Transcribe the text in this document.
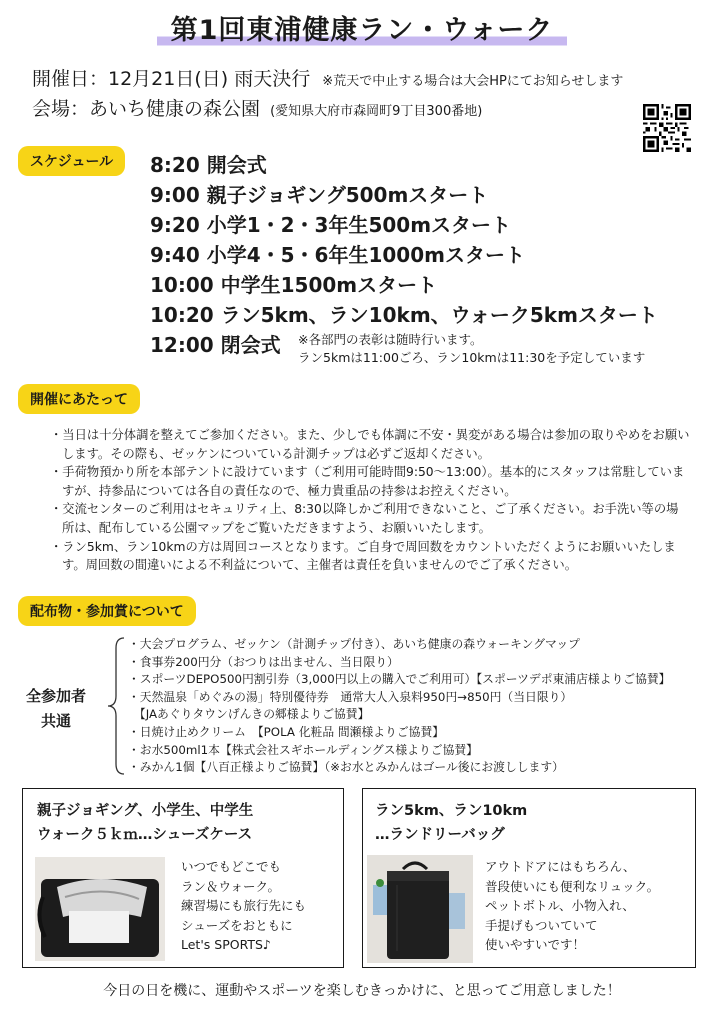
第1回東浦健康ラン・ウォーク
開催日：12月21日(日) 雨天決行 ※荒天で中止する場合は大会HPにてお知らせします
会場：あいち健康の森公園 (愛知県大府市森岡町9丁目300番地)
スケジュール	8:20 開会式
9:00 親子ジョギング500mスタート
9:20 小学1・2・3年生500mスタート
9:40 小学4・5・6年生1000mスタート
10:00 中学生1500mスタート
10:20 ラン5km、ラン10km、ウォーク5kmスタート
12:00 閉会式	※各部門の表彰は随時行います。
ラン5kmは11:00ごろ、ラン10kmは11:30を予定しています
開催にあたって
・当日は十分体調を整えてご参加ください。また、少しでも体調に不安・異変がある場合は参加の取りやめをお願いします。その際も、ゼッケンについている計測チップは必ずご返却ください。
・手荷物預かり所を本部テントに設けています（ご利用可能時間9:50～13:00）。基本的にスタッフは常駐していますが、持参品については各自の責任なので、極力貴重品の持参はお控えください。
・交流センターのご利用はセキュリティ上、8:30以降しかご利用できないこと、ご了承ください。お手洗い等の場所は、配布している公園マップをご覧いただきますよう、お願いいたします。
・ラン5km、ラン10kmの方は周回コースとなります。ご自身で周回数をカウントいただくようにお願いいたします。周回数の間違いによる不利益について、主催者は責任を負いませんのでご了承ください。
配布物・参加賞について
全参加者
共通
・大会プログラム、ゼッケン（計測チップ付き）、あいち健康の森ウォーキングマップ
・食事券200円分（おつりは出ません、当日限り）
・スポーツDEPO500円割引券（3,000円以上の購入でご利用可）【スポーツデポ東浦店様よりご協賛】
・天然温泉「めぐみの湯」特別優待券　通常大人入泉料950円→850円（当日限り）
　【JAあぐりタウンげんきの郷様よりご協賛】
・日焼け止めクリーム　【POLA 化粧品 間瀬様よりご協賛】
・お水500ml1本【株式会社スギホールディングス様よりご協賛】
・みかん1個【八百正様よりご協賛】（※お水とみかんはゴール後にお渡しします）
親子ジョギング、小学生、中学生
ウォーク５ｋｍ…シューズケース
いつでもどこでも
ラン＆ウォーク。
練習場にも旅行先にも
シューズをおともに
Let's SPORTS♪
ラン5km、ラン10km
…ランドリーバッグ
アウトドアにはもちろん、
普段使いにも便利なリュック。
ペットボトル、小物入れ、
手提げもついていて
使いやすいです！
今日の日を機に、運動やスポーツを楽しむきっかけに、と思ってご用意しました！
